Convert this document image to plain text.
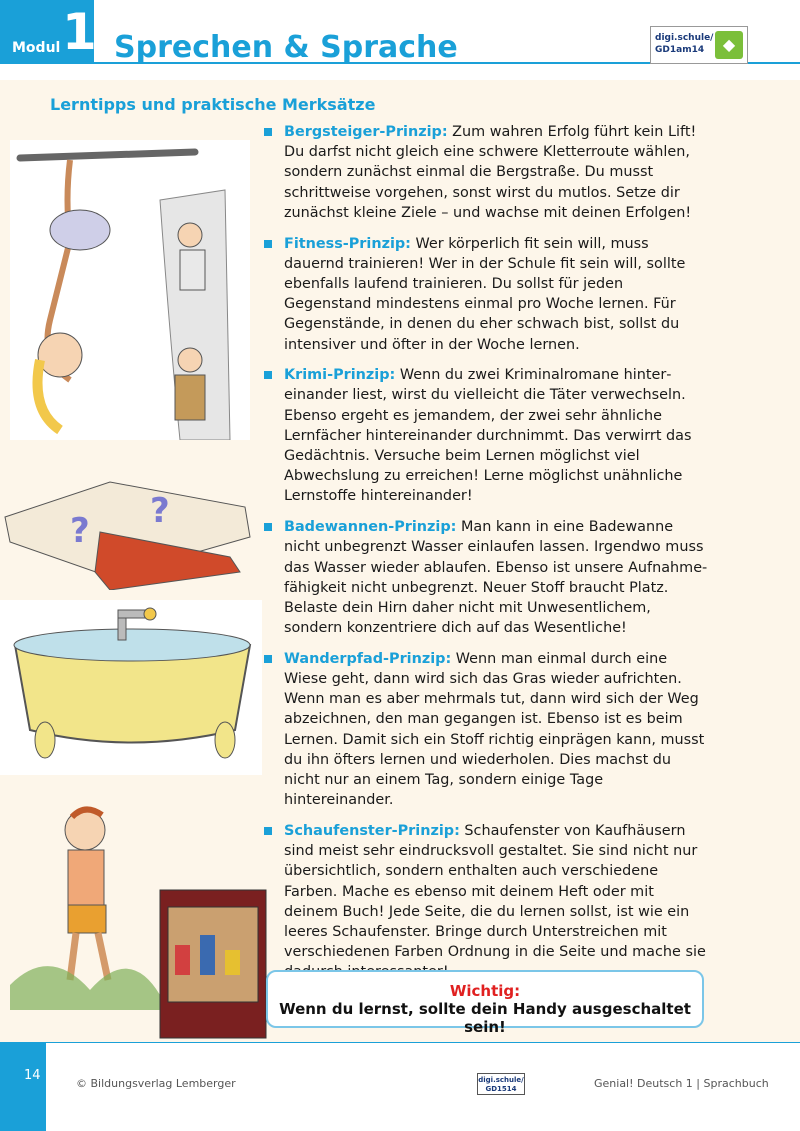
Modul 1 Sprechen & Sprache	digi.schule/
GD1am14	◆
Lerntipps und praktische Merksätze
? ?
Bergsteiger-Prinzip: Zum wahren Erfolg führt kein Lift! Du darfst nicht gleich eine schwere Kletterroute wählen, sondern zunächst einmal die Bergstraße. Du musst schrittweise vorgehen, sonst wirst du mutlos. Setze dir zunächst kleine Ziele – und wachse mit deinen Erfolgen!
Fitness-Prinzip: Wer körperlich fit sein will, muss dauernd trainieren! Wer in der Schule fit sein will, sollte ebenfalls laufend trainieren. Du sollst für jeden Gegenstand mindestens einmal pro Woche lernen. Für Gegenstände, in denen du eher schwach bist, sollst du intensiver und öfter in der Woche lernen.
Krimi-Prinzip: Wenn du zwei Kriminalromane hintereinander liest, wirst du vielleicht die Täter verwechseln. Ebenso ergeht es jemandem, der zwei sehr ähnliche Lernfächer hintereinander durchnimmt. Das verwirrt das Gedächtnis. Versuche beim Lernen möglichst viel Abwechslung zu erreichen! Lerne möglichst unähnliche Lernstoffe hintereinander!
Badewannen-Prinzip: Man kann in eine Badewanne nicht unbegrenzt Wasser einlaufen lassen. Irgendwo muss das Wasser wieder ablaufen. Ebenso ist unsere Aufnahmefähigkeit nicht unbegrenzt. Neuer Stoff braucht Platz. Belaste dein Hirn daher nicht mit Unwesentlichem, sondern konzentriere dich auf das Wesentliche!
Wanderpfad-Prinzip: Wenn man einmal durch eine Wiese geht, dann wird sich das Gras wieder aufrichten. Wenn man es aber mehrmals tut, dann wird sich der Weg abzeichnen, den man gegangen ist. Ebenso ist es beim Lernen. Damit sich ein Stoff richtig einprägen kann, musst du ihn öfters lernen und wiederholen. Dies machst du nicht nur an einem Tag, sondern einige Tage hintereinander.
Schaufenster-Prinzip: Schaufenster von Kaufhäusern sind meist sehr eindrucksvoll gestaltet. Sie sind nicht nur übersichtlich, sondern enthalten auch verschiedene Farben. Mache es ebenso mit deinem Heft oder mit deinem Buch! Jede Seite, die du lernen sollst, ist wie ein leeres Schaufenster. Bringe durch Unterstreichen mit verschiedenen Farben Ordnung in die Seite und mache sie
Wichtig:
Wenn du lernst, sollte dein Handy ausgeschaltet sein!
14
© Bildungsverlag Lemberger	digi.schule/
GD1514	Genial! Deutsch 1 | Sprachbuch
